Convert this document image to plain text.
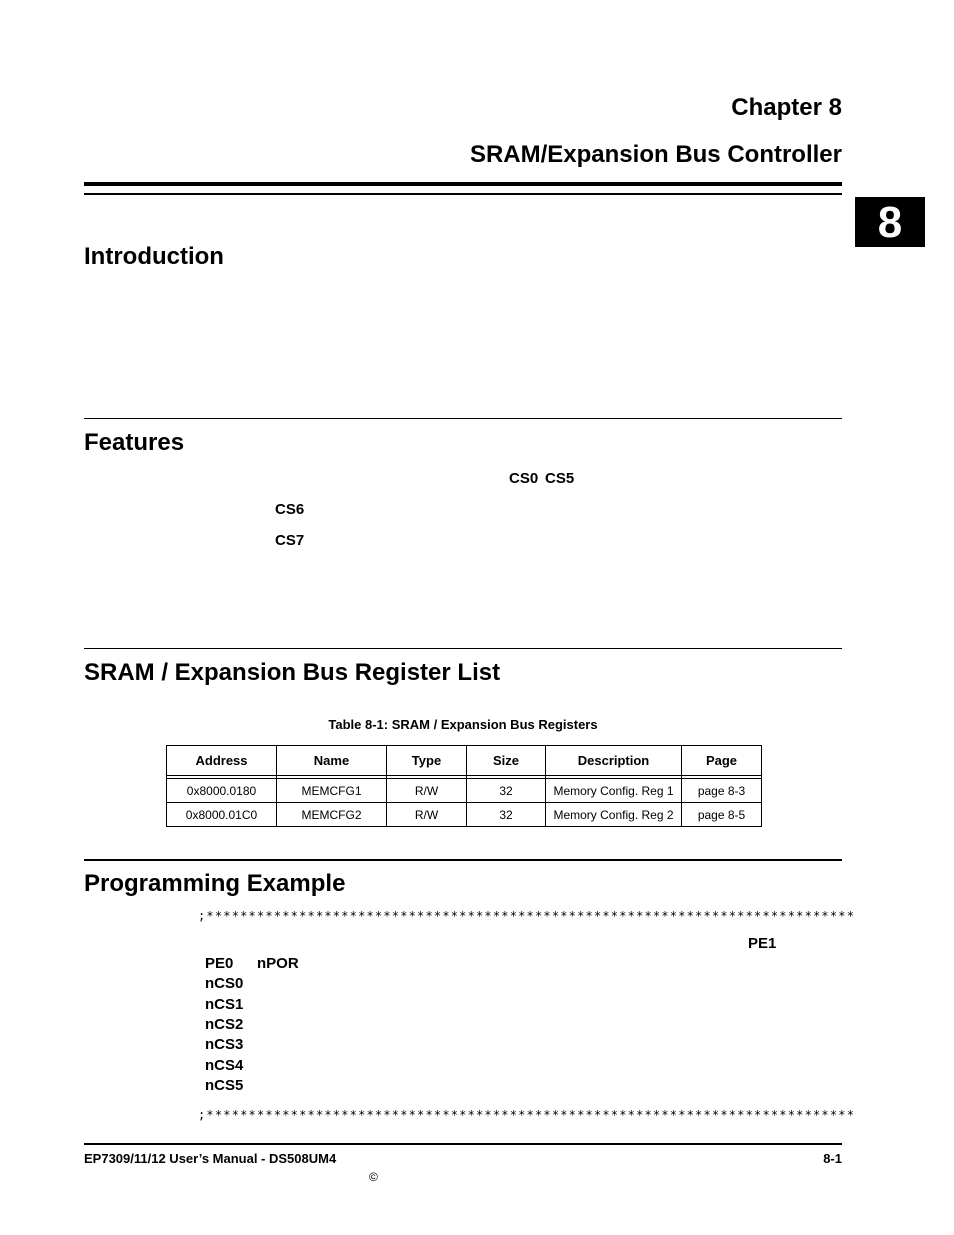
Chapter 8
SRAM/Expansion Bus Controller
8
Introduction
Features
CS0 CS5
CS6
CS7
SRAM / Expansion Bus Register List
Table 8-1: SRAM / Expansion Bus Registers
Address	Name	Type	Size	Description	Page

0x8000.0180	MEMCFG1	R/W	32	Memory Config. Reg 1	page 8-3
0x8000.01C0	MEMCFG2	R/W	32	Memory Config. Reg 2	page 8-5
Programming Example
;*****************************************************************************
PE1
PE0 nPOR
nCS0
nCS1
nCS2
nCS3
nCS4
nCS5
;*****************************************************************************
EP7309/11/12 User’s Manual - DS508UM4	8-1
©
